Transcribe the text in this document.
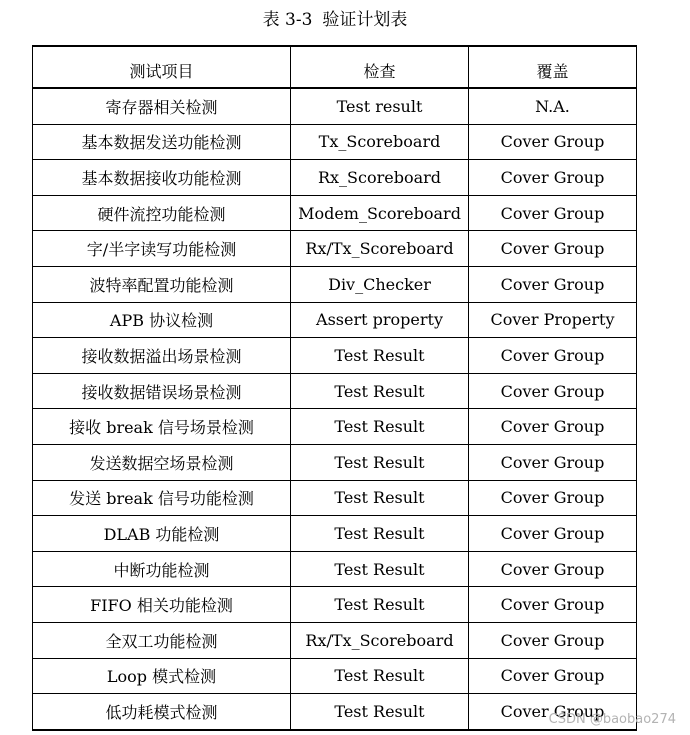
表 3-3 验证计划表
测试项目	检查	覆盖
寄存器相关检测	Test result	N.A.
基本数据发送功能检测	Tx_Scoreboard	Cover Group
基本数据接收功能检测	Rx_Scoreboard	Cover Group
硬件流控功能检测	Modem_Scoreboard	Cover Group
字/半字读写功能检测	Rx/Tx_Scoreboard	Cover Group
波特率配置功能检测	Div_Checker	Cover Group
APB 协议检测	Assert property	Cover Property
接收数据溢出场景检测	Test Result	Cover Group
接收数据错误场景检测	Test Result	Cover Group
接收 break 信号场景检测	Test Result	Cover Group
发送数据空场景检测	Test Result	Cover Group
发送 break 信号功能检测	Test Result	Cover Group
DLAB 功能检测	Test Result	Cover Group
中断功能检测	Test Result	Cover Group
FIFO 相关功能检测	Test Result	Cover Group
全双工功能检测	Rx/Tx_Scoreboard	Cover Group
Loop 模式检测	Test Result	Cover Group
低功耗模式检测	Test Result	Cover Group
CSDN @baobao274
